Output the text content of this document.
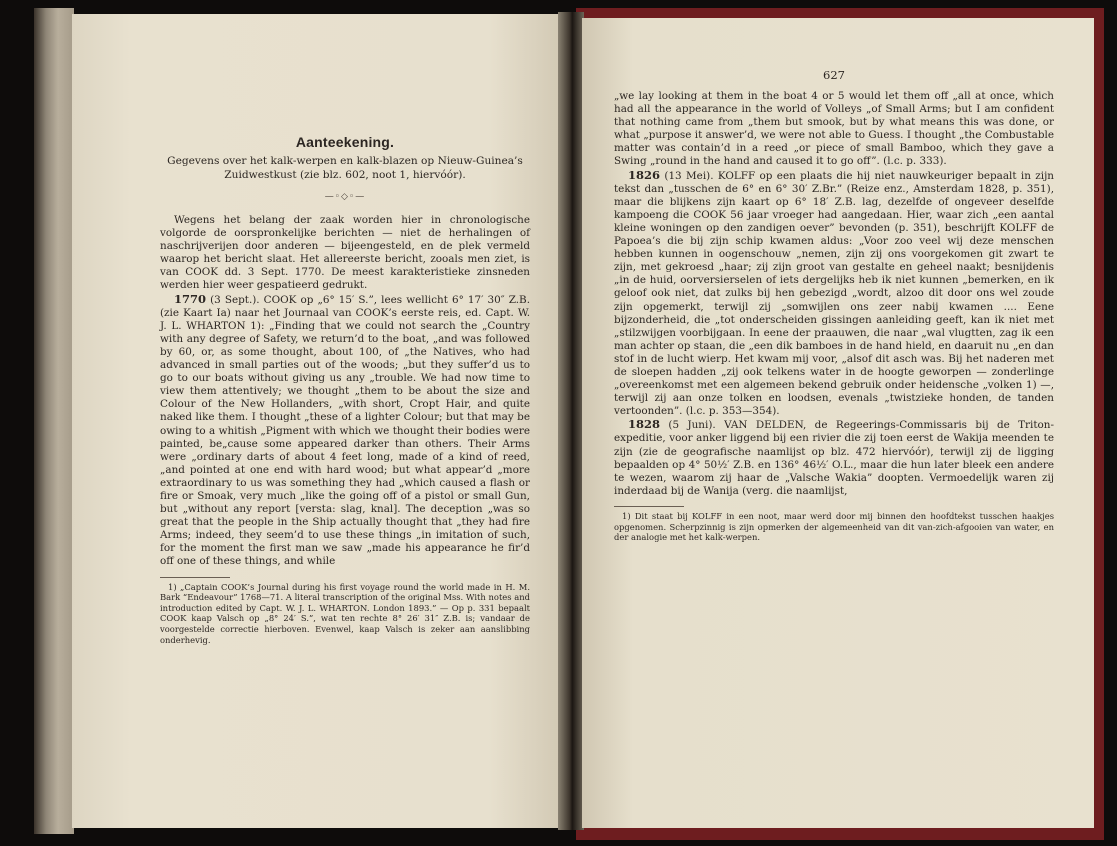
Aanteekening.
Gegevens over het kalk-werpen en kalk-blazen op Nieuw-Guinea’s Zuidwestkust (zie blz. 602, noot 1, hiervóór).
—◦◇◦—

Wegens het belang der zaak worden hier in chronologische volgorde de oorspronkelijke berichten — niet de herhalingen of naschrijverijen door anderen — bijeengesteld, en de plek vermeld waarop het bericht slaat. Het allereerste bericht, zooals men ziet, is van COOK dd. 3 Sept. 1770. De meest karakteristieke zinsneden werden hier weer gespatieerd gedrukt.

1770 (3 Sept.). COOK op „6° 15′ S.”, lees wellicht 6° 17′ 30″ Z.B. (zie Kaart Ia) naar het Journaal van COOK’s eerste reis, ed. Capt. W. J. L. WHARTON 1): „Finding that we could not search the „Country with any degree of Safety, we return’d to the boat, „and was followed by 60, or, as some thought, about 100, of „the Natives, who had advanced in small parties out of the woods; „but they suffer’d us to go to our boats without giving us any „trouble. We had now time to view them attentively; we thought „them to be about the size and Colour of the New Hollanders, „with short, Cropt Hair, and quite naked like them. I thought „these of a lighter Colour; but that may be owing to a whitish „Pigment with which we thought their bodies were painted, be„cause some appeared darker than others. Their Arms were „ordinary darts of about 4 feet long, made of a kind of reed, „and pointed at one end with hard wood; but what appear’d „more extraordinary to us was something they had „which caused a flash or fire or Smoak, very much „like the going off of a pistol or small Gun, but „without any report [versta: slag, knal]. The deception „was so great that the people in the Ship actually thought that „they had fire Arms; indeed, they seem’d to use these things „in imitation of such, for the moment the first man we saw „made his appearance he fir’d off one of these things, and while

1) „Captain COOK’s Journal during his first voyage round the world made in H. M. Bark “Endeavour” 1768—71. A literal transcription of the original Mss. With notes and introduction edited by Capt. W. J. L. WHARTON. London 1893.” — Op p. 331 bepaalt COOK kaap Valsch op „8° 24′ S.”, wat ten rechte 8° 26′ 31″ Z.B. is; vandaar de voorgestelde correctie hierboven. Evenwel, kaap Valsch is zeker aan aanslibbing onderhevig.

627

„we lay looking at them in the boat 4 or 5 would let them off „all at once, which had all the appearance in the world of Volleys „of Small Arms; but I am confident that nothing came from „them but smook, but by what means this was done, or what „purpose it answer’d, we were not able to Guess. I thought „the Combustable matter was contain’d in a reed „or piece of small Bamboo, which they gave a Swing „round in the hand and caused it to go off”. (l.c. p. 333).

1826 (13 Mei). KOLFF op een plaats die hij niet nauwkeuriger bepaalt in zijn tekst dan „tusschen de 6° en 6° 30′ Z.Br.” (Reize enz., Amsterdam 1828, p. 351), maar die blijkens zijn kaart op 6° 18′ Z.B. lag, dezelfde of ongeveer deselfde kampoeng die COOK 56 jaar vroeger had aangedaan. Hier, waar zich „een aantal kleine woningen op den zandigen oever” bevonden (p. 351), beschrijft KOLFF de Papoea’s die bij zijn schip kwamen aldus: „Voor zoo veel wij deze menschen hebben kunnen in oogenschouw „nemen, zijn zij ons voorgekomen git zwart te zijn, met gekroesd „haar; zij zijn groot van gestalte en geheel naakt; besnijdenis „in de huid, oorversierselen of iets dergelijks heb ik niet kunnen „bemerken, en ik geloof ook niet, dat zulks bij hen gebezigd „wordt, alzoo dit door ons wel zoude zijn opgemerkt, terwijl zij „somwijlen ons zeer nabij kwamen .... Eene bijzonderheid, die „tot onderscheiden gissingen aanleiding geeft, kan ik niet met „stilzwijgen voorbijgaan. In eene der praauwen, die naar „wal vlugtten, zag ik een man achter op staan, die „een dik bamboes in de hand hield, en daaruit nu „en dan stof in de lucht wierp. Het kwam mij voor, „alsof dit asch was. Bij het naderen met de sloepen hadden „zij ook telkens water in de hoogte geworpen — zonderlinge „overeenkomst met een algemeen bekend gebruik onder heidensche „volken 1) —, terwijl zij aan onze tolken en loodsen, evenals „twistzieke honden, de tanden vertoonden”. (l.c. p. 353—354).

1828 (5 Juni). VAN DELDEN, de Regeerings-Commissaris bij de Triton-expeditie, voor anker liggend bij een rivier die zij toen eerst de Wakija meenden te zijn (zie de geografische naamlijst op blz. 472 hiervóór), terwijl zij de ligging bepaalden op 4° 50½′ Z.B. en 136° 46½′ O.L., maar die hun later bleek een andere te wezen, waarom zij haar de „Valsche Wakia” doopten. Vermoedelijk waren zij inderdaad bij de Wanija (verg. die naamlijst,

1) Dit staat bij KOLFF in een noot, maar werd door mij binnen den hoofdtekst tusschen haakjes opgenomen. Scherpzinnig is zijn opmerken der algemeenheid van dit van-zich-afgooien van water, en der analogie met het kalk-werpen.
